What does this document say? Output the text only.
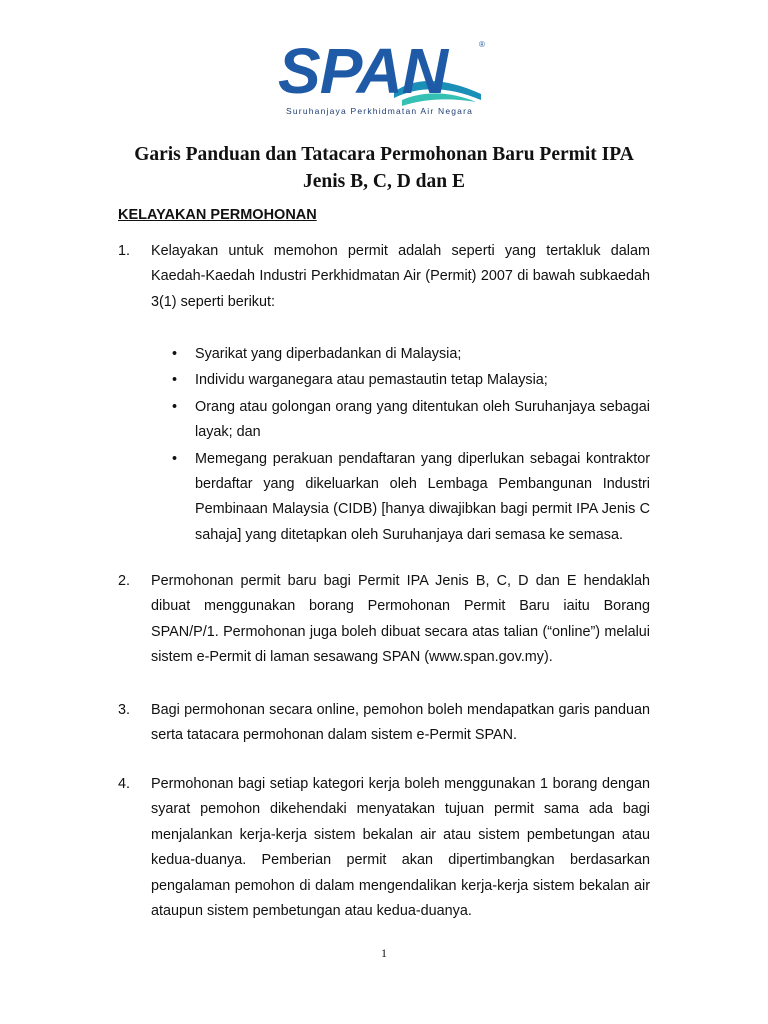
SPAN	®
Suruhanjaya Perkhidmatan Air Negara
Garis Panduan dan Tatacara Permohonan Baru Permit IPA
Jenis B, C, D dan E
KELAYAKAN PERMOHONAN
1. Kelayakan untuk memohon permit adalah seperti yang tertakluk dalam Kaedah-Kaedah Industri Perkhidmatan Air (Permit) 2007 di bawah subkaedah 3(1) seperti berikut:
• Syarikat yang diperbadankan di Malaysia;
• Individu warganegara atau pemastautin tetap Malaysia;
• Orang atau golongan orang yang ditentukan oleh Suruhanjaya sebagai layak; dan
• Memegang perakuan pendaftaran yang diperlukan sebagai kontraktor berdaftar yang dikeluarkan oleh Lembaga Pembangunan Industri Pembinaan Malaysia (CIDB) [hanya diwajibkan bagi permit IPA Jenis C sahaja] yang ditetapkan oleh Suruhanjaya dari semasa ke semasa.
2. Permohonan permit baru bagi Permit IPA Jenis B, C, D dan E hendaklah dibuat menggunakan borang Permohonan Permit Baru iaitu Borang SPAN/P/1. Permohonan juga boleh dibuat secara atas talian (“online”) melalui sistem e-Permit di laman sesawang SPAN (www.span.gov.my).
3. Bagi permohonan secara online, pemohon boleh mendapatkan garis panduan serta tatacara permohonan dalam sistem e-Permit SPAN.
4. Permohonan bagi setiap kategori kerja boleh menggunakan 1 borang dengan syarat pemohon dikehendaki menyatakan tujuan permit sama ada bagi menjalankan kerja-kerja sistem bekalan air atau sistem pembetungan atau kedua-duanya. Pemberian permit akan dipertimbangkan berdasarkan pengalaman pemohon di dalam mengendalikan kerja-kerja sistem bekalan air ataupun sistem pembetungan atau kedua-duanya.
1
